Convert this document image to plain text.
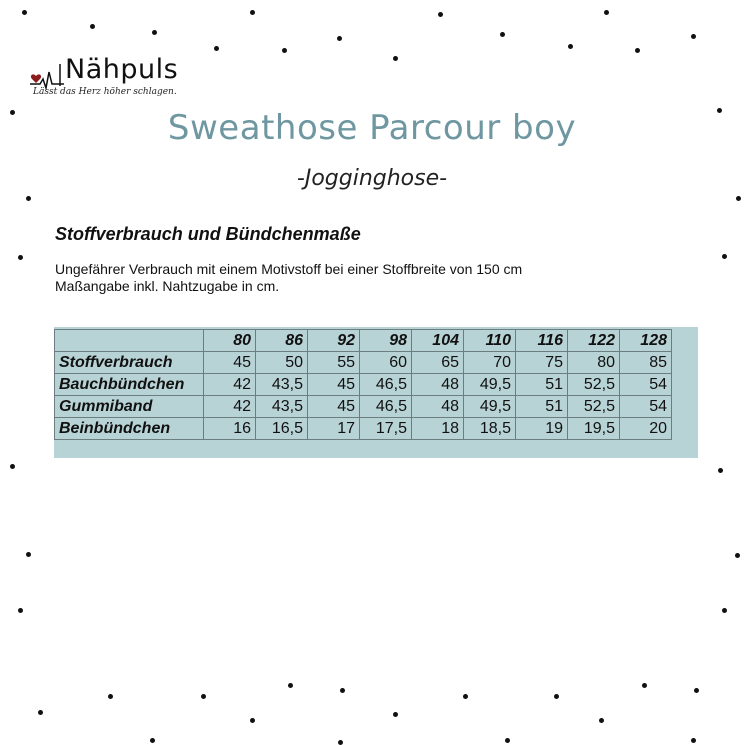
Nähpuls
Lässt das Herz höher schlagen.
Sweathose Parcour boy
-Jogginghose-
Stoffverbrauch und Bündchenmaße
Ungefährer Verbrauch mit einem Motivstoff bei einer Stoffbreite von 150 cm
Maßangabe inkl. Nahtzugabe in cm.
	80	86	92	98	104	110	116	122	128
Stoffverbrauch	45	50	55	60	65	70	75	80	85
Bauchbündchen	42	43,5	45	46,5	48	49,5	51	52,5	54
Gummiband	42	43,5	45	46,5	48	49,5	51	52,5	54
Beinbündchen	16	16,5	17	17,5	18	18,5	19	19,5	20
